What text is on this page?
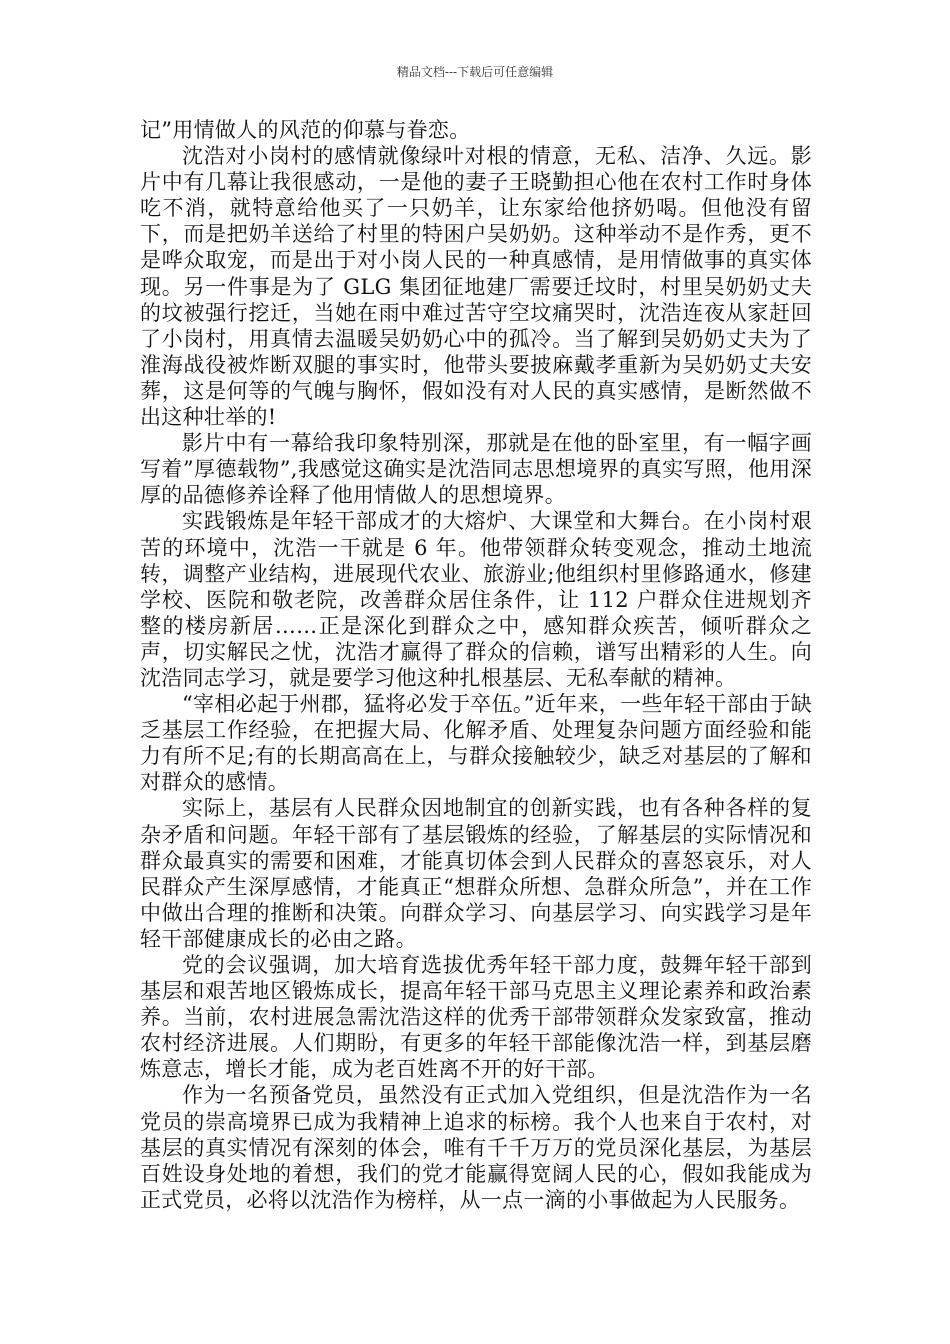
精品文档---下载后可任意编辑

记”用情做人的风范的仰慕与眷恋。

沈浩对小岗村的感情就像绿叶对根的情意，无私、洁净、久远。影片中有几幕让我很感动，一是他的妻子王晓勤担心他在农村工作时身体吃不消，就特意给他买了一只奶羊，让东家给他挤奶喝。但他没有留下，而是把奶羊送给了村里的特困户吴奶奶。这种举动不是作秀，更不是哗众取宠，而是出于对小岗人民的一种真感情，是用情做事的真实体现。另一件事是为了 GLG 集团征地建厂需要迁坟时，村里吴奶奶丈夫的坟被强行挖迁，当她在雨中难过苦守空坟痛哭时，沈浩连夜从家赶回了小岗村，用真情去温暖吴奶奶心中的孤冷。当了解到吴奶奶丈夫为了淮海战役被炸断双腿的事实时，他带头要披麻戴孝重新为吴奶奶丈夫安葬，这是何等的气魄与胸怀，假如没有对人民的真实感情，是断然做不出这种壮举的!

影片中有一幕给我印象特别深，那就是在他的卧室里，有一幅字画写着”厚德载物”,我感觉这确实是沈浩同志思想境界的真实写照，他用深厚的品德修养诠释了他用情做人的思想境界。

实践锻炼是年轻干部成才的大熔炉、大课堂和大舞台。在小岗村艰苦的环境中，沈浩一干就是 6 年。他带领群众转变观念，推动土地流转，调整产业结构，进展现代农业、旅游业;他组织村里修路通水，修建学校、医院和敬老院，改善群众居住条件，让 112 户群众住进规划齐整的楼房新居……正是深化到群众之中，感知群众疾苦，倾听群众之声，切实解民之忧，沈浩才赢得了群众的信赖，谱写出精彩的人生。向沈浩同志学习，就是要学习他这种扎根基层、无私奉献的精神。

“宰相必起于州郡，猛将必发于卒伍。”近年来，一些年轻干部由于缺乏基层工作经验，在把握大局、化解矛盾、处理复杂问题方面经验和能力有所不足;有的长期高高在上，与群众接触较少，缺乏对基层的了解和对群众的感情。

实际上，基层有人民群众因地制宜的创新实践，也有各种各样的复杂矛盾和问题。年轻干部有了基层锻炼的经验，了解基层的实际情况和群众最真实的需要和困难，才能真切体会到人民群众的喜怒哀乐，对人民群众产生深厚感情，才能真正“想群众所想、急群众所急”，并在工作中做出合理的推断和决策。向群众学习、向基层学习、向实践学习是年轻干部健康成长的必由之路。

党的会议强调，加大培育选拔优秀年轻干部力度，鼓舞年轻干部到基层和艰苦地区锻炼成长，提高年轻干部马克思主义理论素养和政治素养。当前，农村进展急需沈浩这样的优秀干部带领群众发家致富，推动农村经济进展。人们期盼，有更多的年轻干部能像沈浩一样，到基层磨炼意志，增长才能，成为老百姓离不开的好干部。

作为一名预备党员，虽然没有正式加入党组织，但是沈浩作为一名党员的崇高境界已成为我精神上追求的标榜。我个人也来自于农村，对基层的真实情况有深刻的体会，唯有千千万万的党员深化基层，为基层百姓设身处地的着想，我们的党才能赢得宽阔人民的心，假如我能成为正式党员，必将以沈浩作为榜样，从一点一滴的小事做起为人民服务。
